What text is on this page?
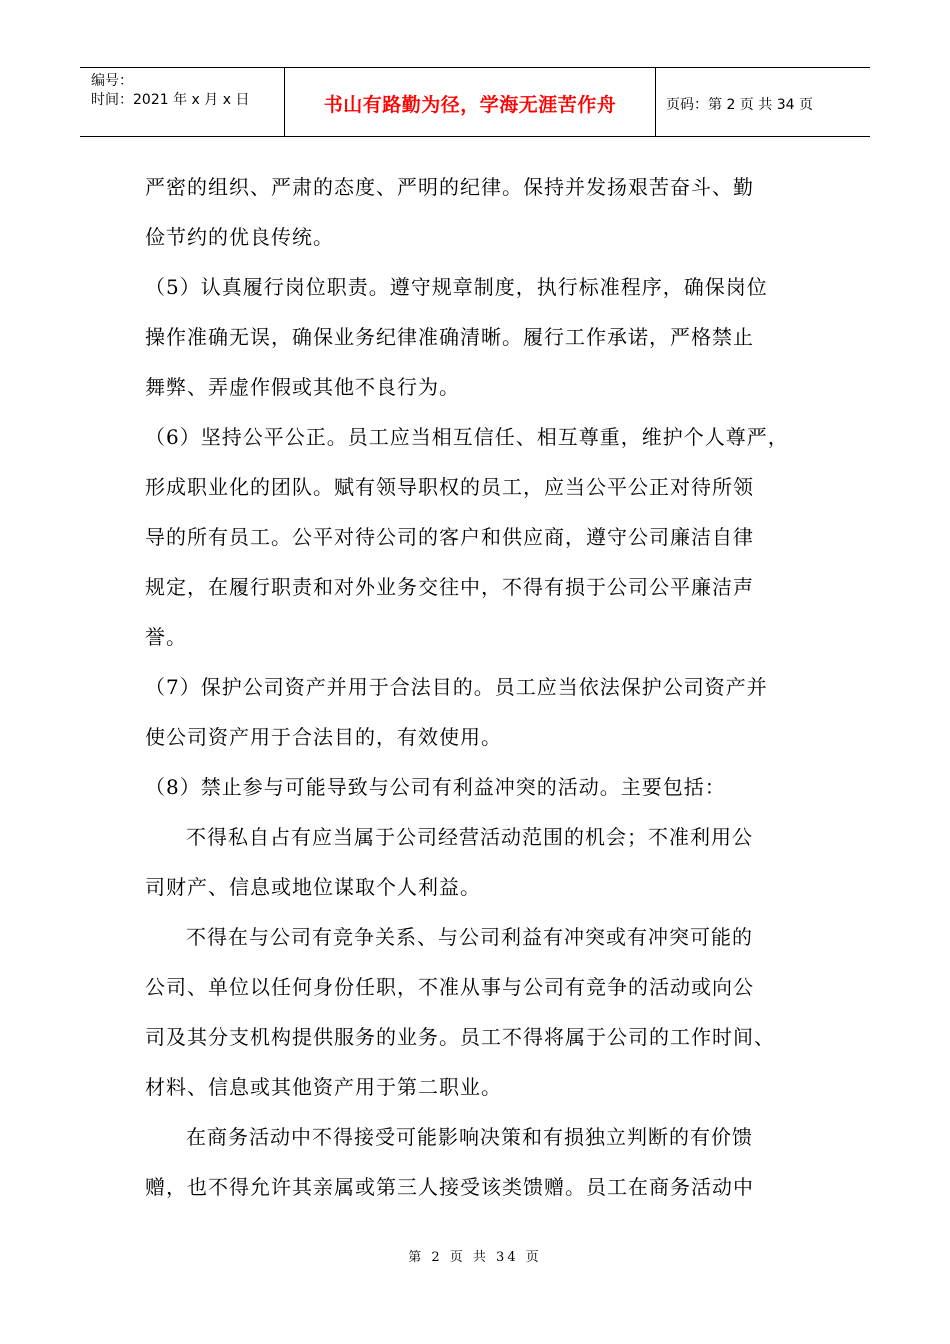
编号：
时间：2021 年 x 月 x 日	书山有路勤为径，学海无涯苦作舟	页码：第 2 页 共 34 页
严密的组织、严肃的态度、严明的纪律。保持并发扬艰苦奋斗、勤
俭节约的优良传统。
（5）认真履行岗位职责。遵守规章制度，执行标准程序，确保岗位
操作准确无误，确保业务纪律准确清晰。履行工作承诺，严格禁止
舞弊、弄虚作假或其他不良行为。
（6）坚持公平公正。员工应当相互信任、相互尊重，维护个人尊严，
形成职业化的团队。赋有领导职权的员工，应当公平公正对待所领
导的所有员工。公平对待公司的客户和供应商，遵守公司廉洁自律
规定，在履行职责和对外业务交往中，不得有损于公司公平廉洁声
誉。
（7）保护公司资产并用于合法目的。员工应当依法保护公司资产并
使公司资产用于合法目的，有效使用。
（8）禁止参与可能导致与公司有利益冲突的活动。主要包括：
不得私自占有应当属于公司经营活动范围的机会；不准利用公
司财产、信息或地位谋取个人利益。
不得在与公司有竞争关系、与公司利益有冲突或有冲突可能的
公司、单位以任何身份任职，不准从事与公司有竞争的活动或向公
司及其分支机构提供服务的业务。员工不得将属于公司的工作时间、
材料、信息或其他资产用于第二职业。
在商务活动中不得接受可能影响决策和有损独立判断的有价馈
赠，也不得允许其亲属或第三人接受该类馈赠。员工在商务活动中
第 2 页 共 34 页
